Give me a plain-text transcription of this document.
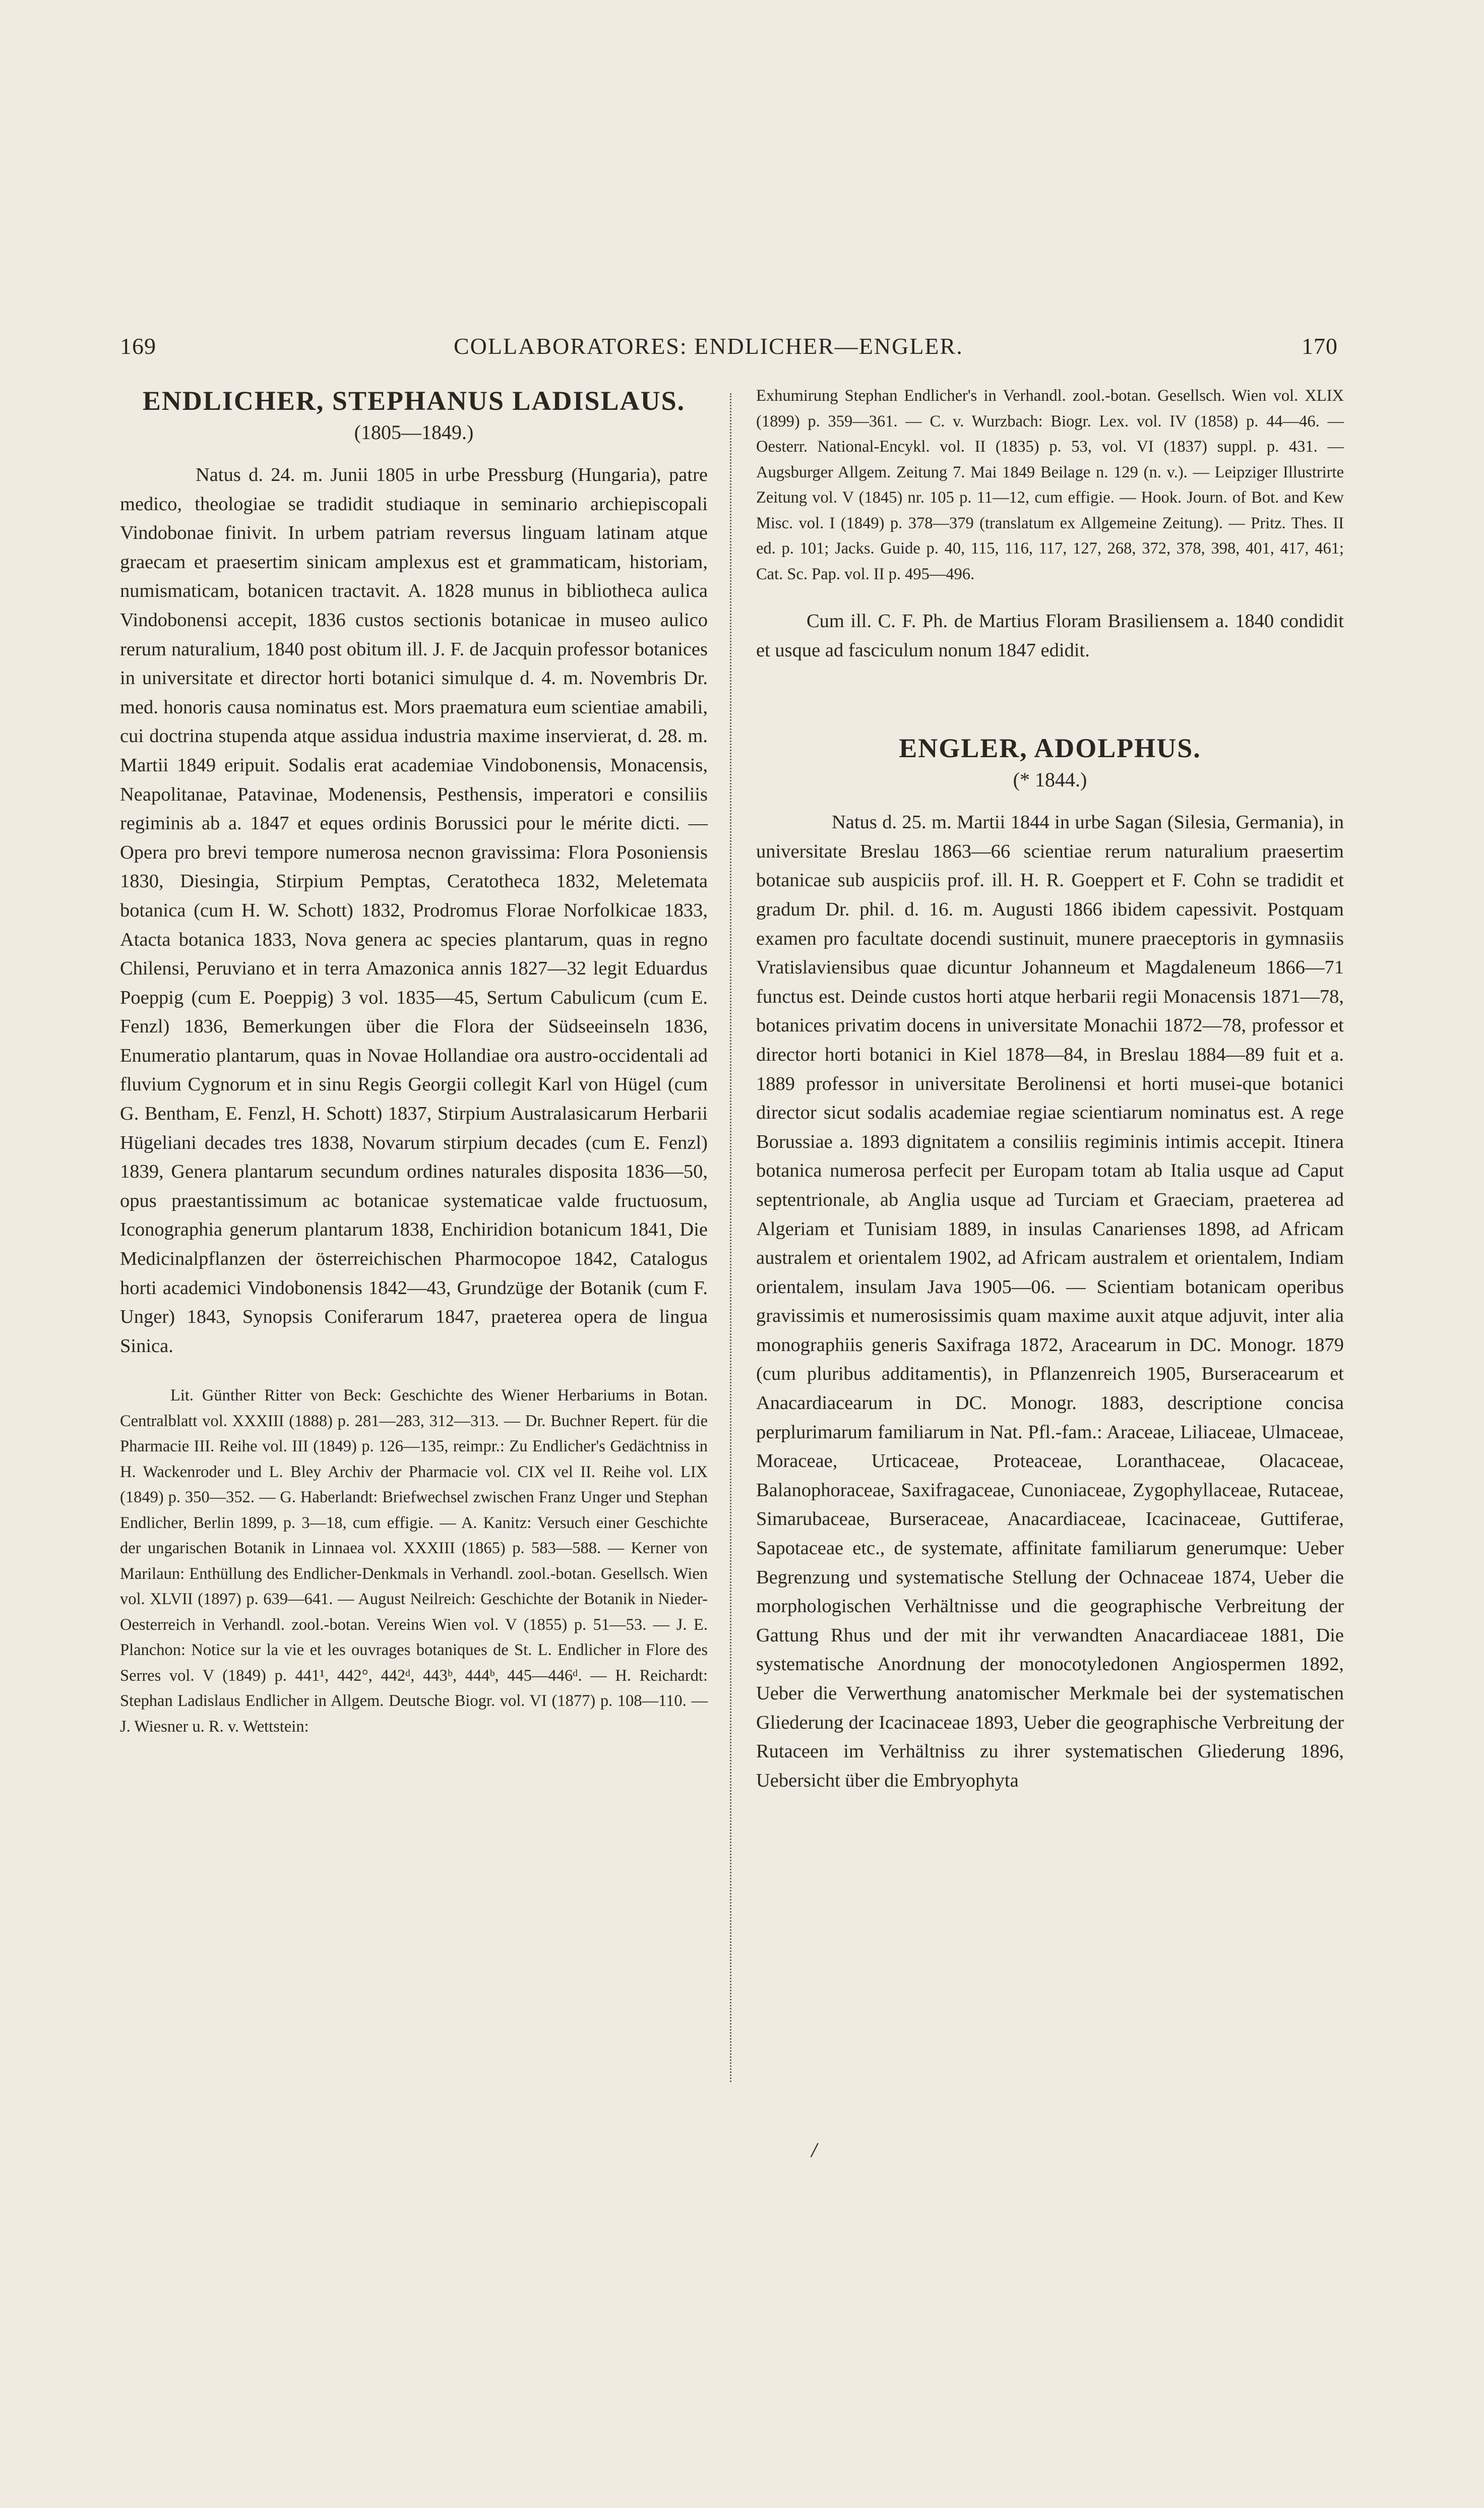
169	COLLABORATORES: ENDLICHER—ENGLER.	170
ENDLICHER, STEPHANUS LADISLAUS.

(1805—1849.)

Natus d. 24. m. Junii 1805 in urbe Pressburg (Hungaria), patre medico, theologiae se tradidit studiaque in seminario archiepiscopali Vindobonae finivit. In urbem patriam reversus linguam latinam atque graecam et praesertim sinicam amplexus est et grammaticam, historiam, numismaticam, botanicen tractavit. A. 1828 munus in bibliotheca aulica Vindobonensi accepit, 1836 custos sectionis botanicae in museo aulico rerum naturalium, 1840 post obitum ill. J. F. de Jacquin professor botanices in universitate et director horti botanici simulque d. 4. m. Novembris Dr. med. honoris causa nominatus est. Mors praematura eum scientiae amabili, cui doctrina stupenda atque assidua industria maxime inservierat, d. 28. m. Martii 1849 eripuit. Sodalis erat academiae Vindobonensis, Monacensis, Neapolitanae, Patavinae, Modenensis, Pesthensis, imperatori e consiliis regiminis ab a. 1847 et eques ordinis Borussici pour le mérite dicti. — Opera pro brevi tempore numerosa necnon gravissima: Flora Posoniensis 1830, Diesingia, Stirpium Pemptas, Ceratotheca 1832, Meletemata botanica (cum H. W. Schott) 1832, Prodromus Florae Norfolkicae 1833, Atacta botanica 1833, Nova genera ac species plantarum, quas in regno Chilensi, Peruviano et in terra Amazonica annis 1827—32 legit Eduardus Poeppig (cum E. Poeppig) 3 vol. 1835—45, Sertum Cabulicum (cum E. Fenzl) 1836, Bemerkungen über die Flora der Südseeinseln 1836, Enumeratio plantarum, quas in Novae Hollandiae ora austro-occidentali ad fluvium Cygnorum et in sinu Regis Georgii collegit Karl von Hügel (cum G. Bentham, E. Fenzl, H. Schott) 1837, Stirpium Australasicarum Herbarii Hügeliani decades tres 1838, Novarum stirpium decades (cum E. Fenzl) 1839, Genera plantarum secundum ordines naturales disposita 1836—50, opus praestantissimum ac botanicae systematicae valde fructuosum, Iconographia generum plantarum 1838, Enchiridion botanicum 1841, Die Medicinalpflanzen der österreichischen Pharmocopoe 1842, Catalogus horti academici Vindobonensis 1842—43, Grundzüge der Botanik (cum F. Unger) 1843, Synopsis Coniferarum 1847, praeterea opera de lingua Sinica.

Lit. Günther Ritter von Beck: Geschichte des Wiener Herbariums in Botan. Centralblatt vol. XXXIII (1888) p. 281—283, 312—313. — Dr. Buchner Repert. für die Pharmacie III. Reihe vol. III (1849) p. 126—135, reimpr.: Zu Endlicher's Gedächtniss in H. Wackenroder und L. Bley Archiv der Pharmacie vol. CIX vel II. Reihe vol. LIX (1849) p. 350—352. — G. Haberlandt: Briefwechsel zwischen Franz Unger und Stephan Endlicher, Berlin 1899, p. 3—18, cum effigie. — A. Kanitz: Versuch einer Geschichte der ungarischen Botanik in Linnaea vol. XXXIII (1865) p. 583—588. — Kerner von Marilaun: Enthüllung des Endlicher-Denkmals in Verhandl. zool.-botan. Gesellsch. Wien vol. XLVII (1897) p. 639—641. — August Neilreich: Geschichte der Botanik in Nieder-Oesterreich in Verhandl. zool.-botan. Vereins Wien vol. V (1855) p. 51—53. — J. E. Planchon: Notice sur la vie et les ouvrages botaniques de St. L. Endlicher in Flore des Serres vol. V (1849) p. 441¹, 442°, 442ᵈ, 443ᵇ, 444ᵇ, 445—446ᵈ. — H. Reichardt: Stephan Ladislaus Endlicher in Allgem. Deutsche Biogr. vol. VI (1877) p. 108—110. — J. Wiesner u. R. v. Wettstein:

Exhumirung Stephan Endlicher's in Verhandl. zool.-botan. Gesellsch. Wien vol. XLIX (1899) p. 359—361. — C. v. Wurzbach: Biogr. Lex. vol. IV (1858) p. 44—46. — Oesterr. National-Encykl. vol. II (1835) p. 53, vol. VI (1837) suppl. p. 431. — Augsburger Allgem. Zeitung 7. Mai 1849 Beilage n. 129 (n. v.). — Leipziger Illustrirte Zeitung vol. V (1845) nr. 105 p. 11—12, cum effigie. — Hook. Journ. of Bot. and Kew Misc. vol. I (1849) p. 378—379 (translatum ex Allgemeine Zeitung). — Pritz. Thes. II ed. p. 101; Jacks. Guide p. 40, 115, 116, 117, 127, 268, 372, 378, 398, 401, 417, 461; Cat. Sc. Pap. vol. II p. 495—496.

Cum ill. C. F. Ph. de Martius Floram Brasiliensem a. 1840 condidit et usque ad fasciculum nonum 1847 edidit.

ENGLER, ADOLPHUS.

(* 1844.)

Natus d. 25. m. Martii 1844 in urbe Sagan (Silesia, Germania), in universitate Breslau 1863—66 scientiae rerum naturalium praesertim botanicae sub auspiciis prof. ill. H. R. Goeppert et F. Cohn se tradidit et gradum Dr. phil. d. 16. m. Augusti 1866 ibidem capessivit. Postquam examen pro facultate docendi sustinuit, munere praeceptoris in gymnasiis Vratislaviensibus quae dicuntur Johanneum et Magdaleneum 1866—71 functus est. Deinde custos horti atque herbarii regii Monacensis 1871—78, botanices privatim docens in universitate Monachii 1872—78, professor et director horti botanici in Kiel 1878—84, in Breslau 1884—89 fuit et a. 1889 professor in universitate Berolinensi et horti musei-que botanici director sicut sodalis academiae regiae scientiarum nominatus est. A rege Borussiae a. 1893 dignitatem a consiliis regiminis intimis accepit. Itinera botanica numerosa perfecit per Europam totam ab Italia usque ad Caput septentrionale, ab Anglia usque ad Turciam et Graeciam, praeterea ad Algeriam et Tunisiam 1889, in insulas Canarienses 1898, ad Africam australem et orientalem 1902, ad Africam australem et orientalem, Indiam orientalem, insulam Java 1905—06. — Scientiam botanicam operibus gravissimis et numerosissimis quam maxime auxit atque adjuvit, inter alia monographiis generis Saxifraga 1872, Aracearum in DC. Monogr. 1879 (cum pluribus additamentis), in Pflanzenreich 1905, Burseracearum et Anacardiacearum in DC. Monogr. 1883, descriptione concisa perplurimarum familiarum in Nat. Pfl.-fam.: Araceae, Liliaceae, Ulmaceae, Moraceae, Urticaceae, Proteaceae, Loranthaceae, Olacaceae, Balanophoraceae, Saxifragaceae, Cunoniaceae, Zygophyllaceae, Rutaceae, Simarubaceae, Burseraceae, Anacardiaceae, Icacinaceae, Guttiferae, Sapotaceae etc., de systemate, affinitate familiarum generumque: Ueber Begrenzung und systematische Stellung der Ochnaceae 1874, Ueber die morphologischen Verhältnisse und die geographische Verbreitung der Gattung Rhus und der mit ihr verwandten Anacardiaceae 1881, Die systematische Anordnung der monocotyledonen Angiospermen 1892, Ueber die Verwerthung anatomischer Merkmale bei der systematischen Gliederung der Icacinaceae 1893, Ueber die geographische Verbreitung der Rutaceen im Verhältniss zu ihrer systematischen Gliederung 1896, Uebersicht über die Embryophyta

/
